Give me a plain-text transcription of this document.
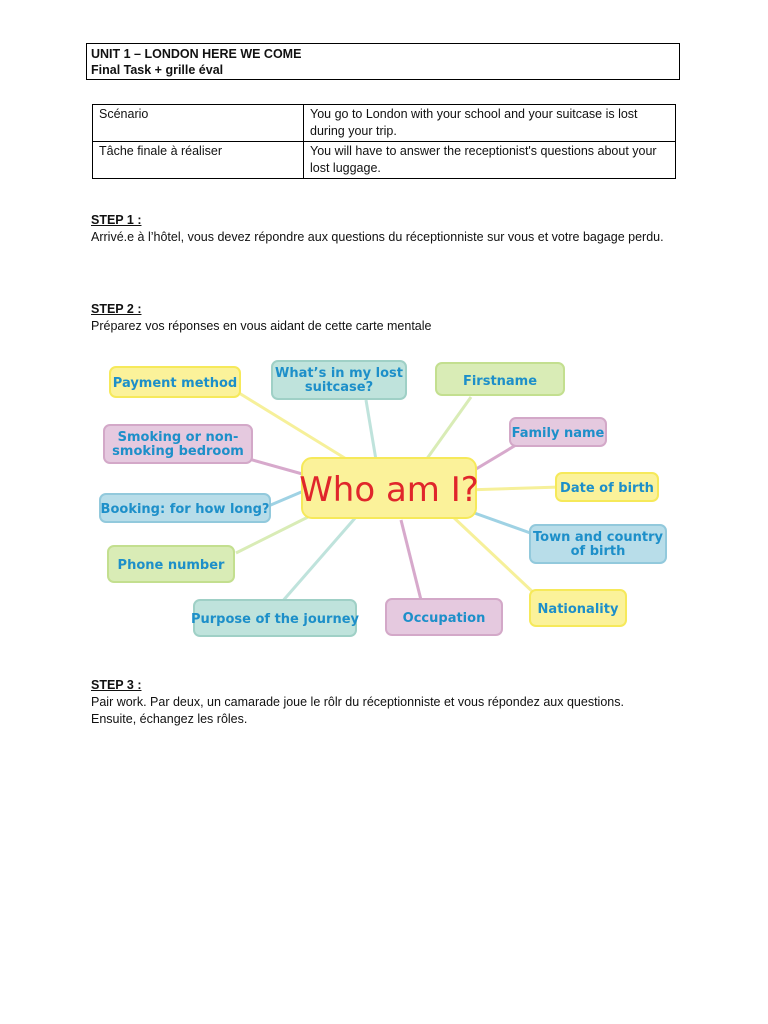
UNIT 1 – LONDON HERE WE COME
Final Task + grille éval
Scénario	You go to London with your school and your suitcase is lost during your trip.
Tâche finale à réaliser	You will have to answer the receptionist's questions about your lost luggage.
STEP 1 :
Arrivé.e à l’hôtel, vous devez répondre aux questions du réceptionniste sur vous et votre bagage perdu.
STEP 2 :
Préparez vos réponses en vous aidant de cette carte mentale
Payment method
What’s in my lost
suitcase?	Firstname
Smoking or non-
smoking bedroom
Family name
Booking: for how long? Who am I?	Date of birth
Town and country
of birth
Phone number
Nationality
Purpose of the journey	Occupation
STEP 3 :
Pair work. Par deux, un camarade joue le rôlr du réceptionniste et vous répondez aux questions.
Ensuite, échangez les rôles.
